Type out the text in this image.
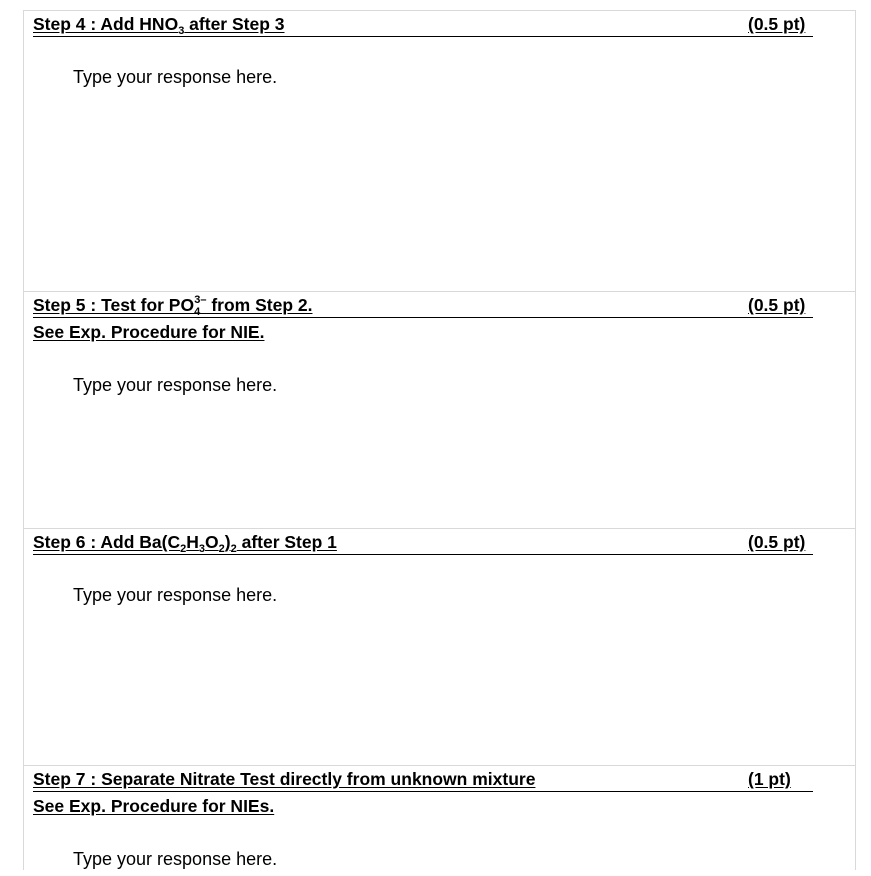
Step 4 : Add $HNO_3$ after Step 3	(0.5 pt)
Type your response here.
Step 5 : Test for $PO_4^{3-}$ from Step 2.	(0.5 pt)
See Exp. Procedure for NIE.
Type your response here.
Step 6 : Add $Ba(C_2H_3O_2)_2$ after Step 1	(0.5 pt)
Type your response here.
Step 7 : Separate Nitrate Test directly from unknown mixture	(1 pt)
See Exp. Procedure for NIEs.
Type your response here.
